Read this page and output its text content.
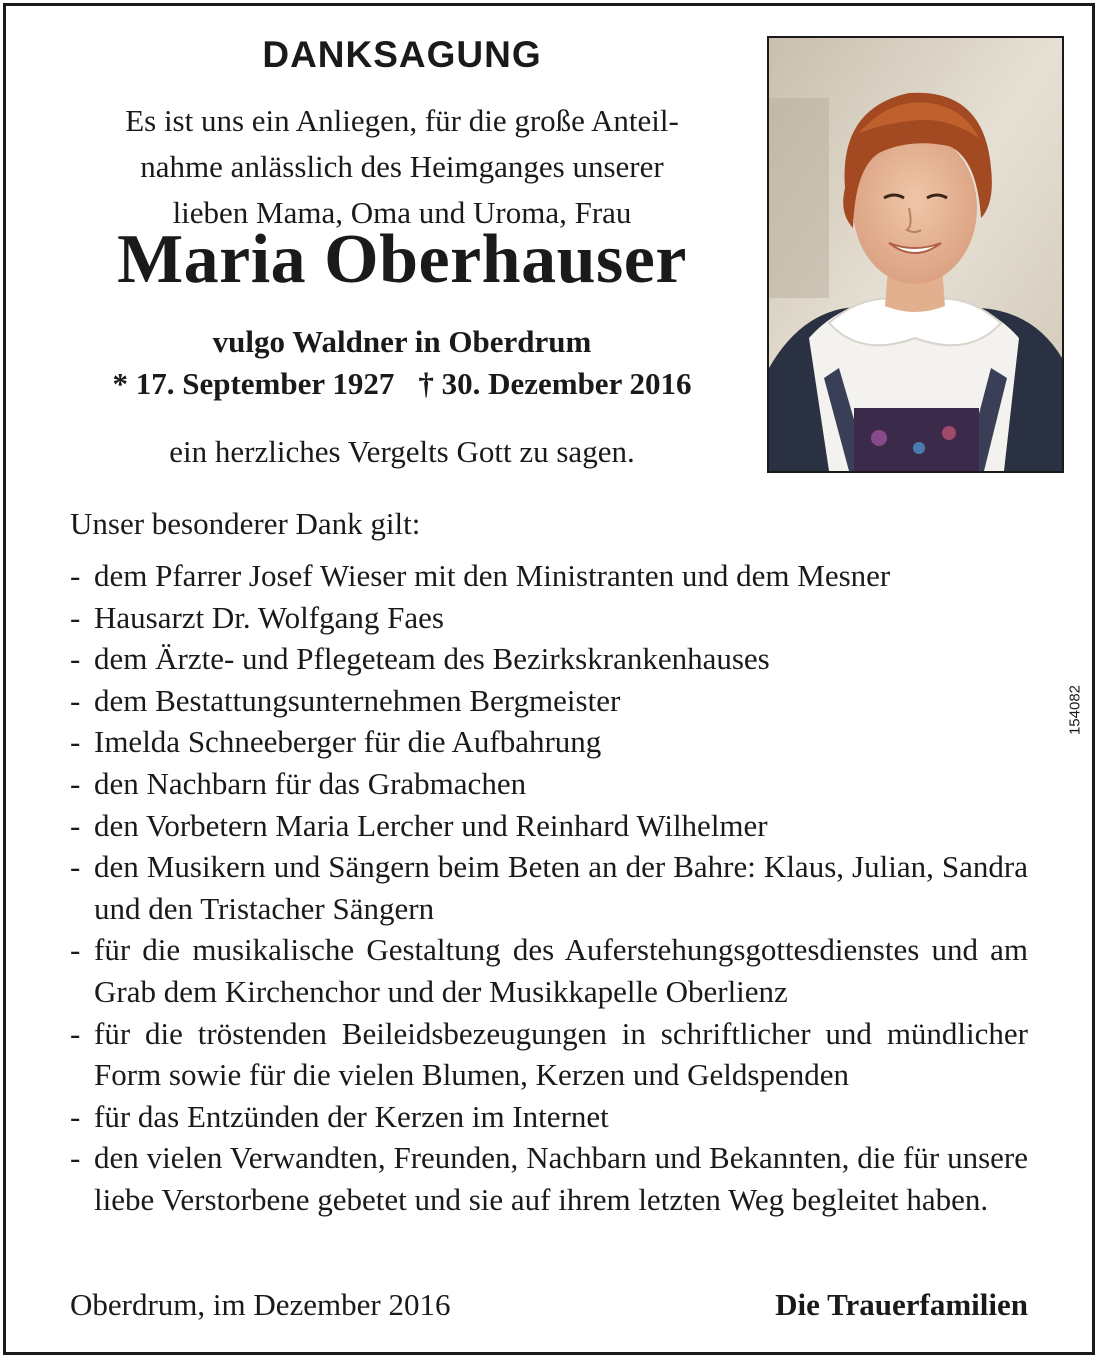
DANKSAGUNG
Es ist uns ein Anliegen, für die große Anteil-
nahme anlässlich des Heimganges unserer
lieben Mama, Oma und Uroma, Frau
Maria Oberhauser
vulgo Waldner in Oberdrum
* 17. September 1927 † 30. Dezember 2016
ein herzliches Vergelts Gott zu sagen.
Unser besonderer Dank gilt:
- dem Pfarrer Josef Wieser mit den Ministranten und dem Mesner
- Hausarzt Dr. Wolfgang Faes
- dem Ärzte- und Pflegeteam des Bezirkskrankenhauses
- dem Bestattungsunternehmen Bergmeister
- Imelda Schneeberger für die Aufbahrung
- den Nachbarn für das Grabmachen
- den Vorbetern Maria Lercher und Reinhard Wilhelmer
- den Musikern und Sängern beim Beten an der Bahre: Klaus, Julian, Sandra und den Tristacher Sängern
- für die musikalische Gestaltung des Auferstehungsgottesdienstes und am Grab dem Kirchenchor und der Musikkapelle Oberlienz
- für die tröstenden Beileidsbezeugungen in schriftlicher und mündlicher Form sowie für die vielen Blumen, Kerzen und Geldspenden
- für das Entzünden der Kerzen im Internet
- den vielen Verwandten, Freunden, Nachbarn und Bekannten, die für unsere liebe Verstorbene gebetet und sie auf ihrem letzten Weg begleitet haben.
Oberdrum, im Dezember 2016	Die Trauerfamilien
154082
